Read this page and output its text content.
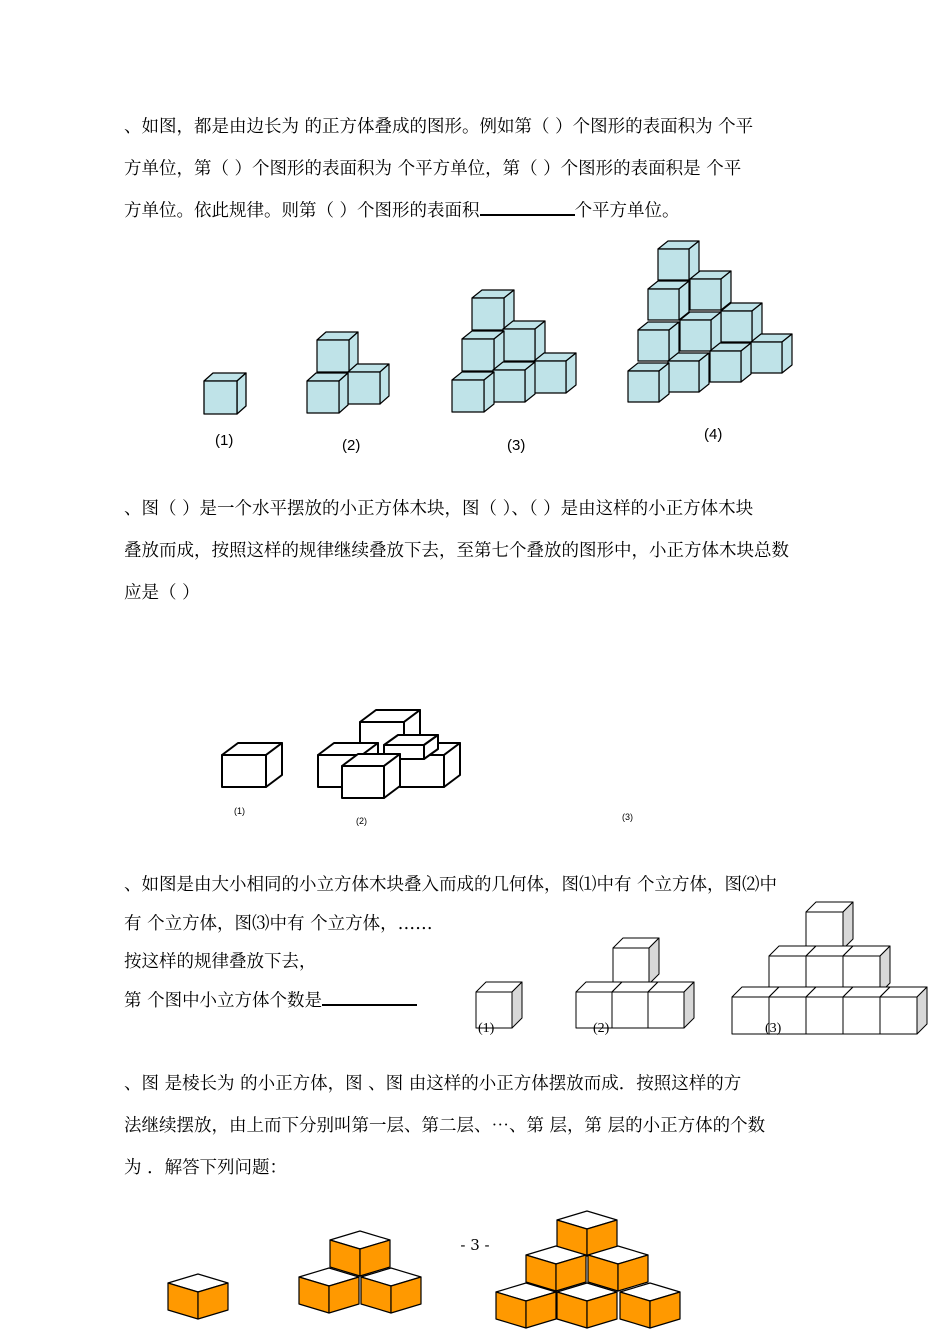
、如图，都是由边长为 的正方体叠成的图形。例如第（ ）个图形的表面积为 个平
方单位，第（ ）个图形的表面积为 个平方单位，第（ ）个图形的表面积是 个平
方单位。依此规律。则第（ ）个图形的表面积	个平方单位。
(1)	(2)	(3)
(4)
、图（ ）是一个水平摆放的小正方体木块，图（ ）、（ ）是由这样的小正方体木块
叠放而成，按照这样的规律继续叠放下去，至第七个叠放的图形中，小正方体木块总数
应是（ ）
(1)
(2)	(3)
、如图是由大小相同的小立方体木块叠入而成的几何体，图⑴中有 个立方体，图⑵中
有 个立方体，图⑶中有 个立方体，……
按这样的规律叠放下去，
第 个图中小立方体个数是
(1)	(2)	(3)
、图 是棱长为 的小正方体，图 、图 由这样的小正方体摆放而成．按照这样的方
法继续摆放，由上而下分别叫第一层、第二层、⋯、第 层，第 层的小正方体的个数
为 ．解答下列问题：
- 3 -
